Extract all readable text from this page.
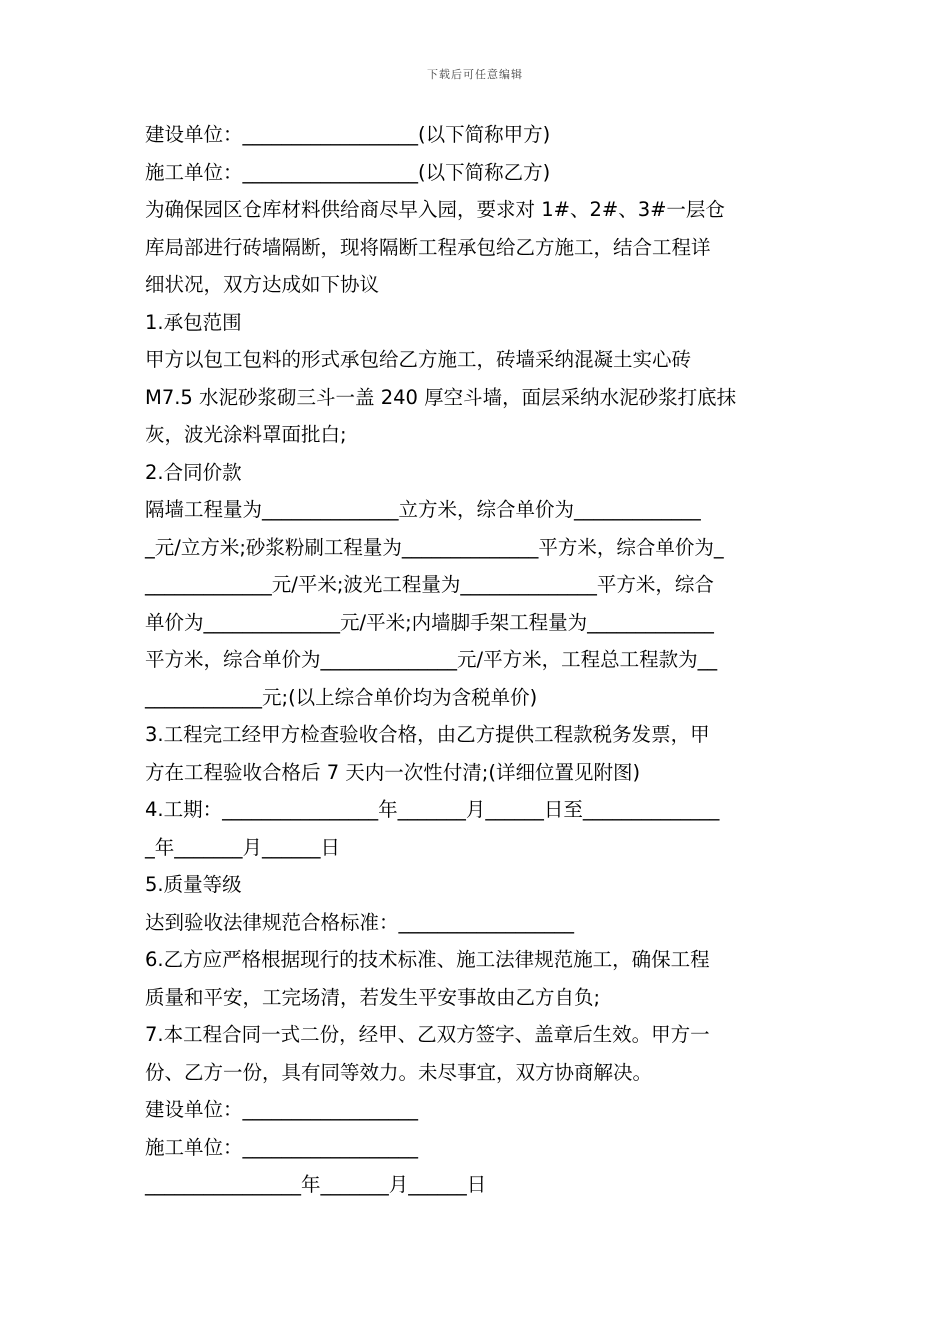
下载后可任意编辑

建设单位：__________________(以下简称甲方)

施工单位：__________________(以下简称乙方)

为确保园区仓库材料供给商尽早入园，要求对 1#、2#、3#一层仓

库局部进行砖墙隔断，现将隔断工程承包给乙方施工，结合工程详

细状况，双方达成如下协议

1.承包范围

甲方以包工包料的形式承包给乙方施工，砖墙采纳混凝土实心砖

M7.5 水泥砂浆砌三斗一盖 240 厚空斗墙，面层采纳水泥砂浆打底抹

灰，波光涂料罩面批白;

2.合同价款

隔墙工程量为______________立方米，综合单价为_____________

_元/立方米;砂浆粉刷工程量为______________平方米，综合单价为_

_____________元/平米;波光工程量为______________平方米，综合

单价为______________元/平米;内墙脚手架工程量为_____________

平方米，综合单价为______________元/平方米，工程总工程款为__

____________元;(以上综合单价均为含税单价)

3.工程完工经甲方检查验收合格，由乙方提供工程款税务发票，甲

方在工程验收合格后 7 天内一次性付清;(详细位置见附图)

4.工期：________________年_______月______日至______________

_年_______月______日

5.质量等级

达到验收法律规范合格标准：__________________

6.乙方应严格根据现行的技术标准、施工法律规范施工，确保工程

质量和平安，工完场清，若发生平安事故由乙方自负;

7.本工程合同一式二份，经甲、乙双方签字、盖章后生效。甲方一

份、乙方一份，具有同等效力。未尽事宜，双方协商解决。

建设单位：__________________

施工单位：__________________

________________年_______月______日
